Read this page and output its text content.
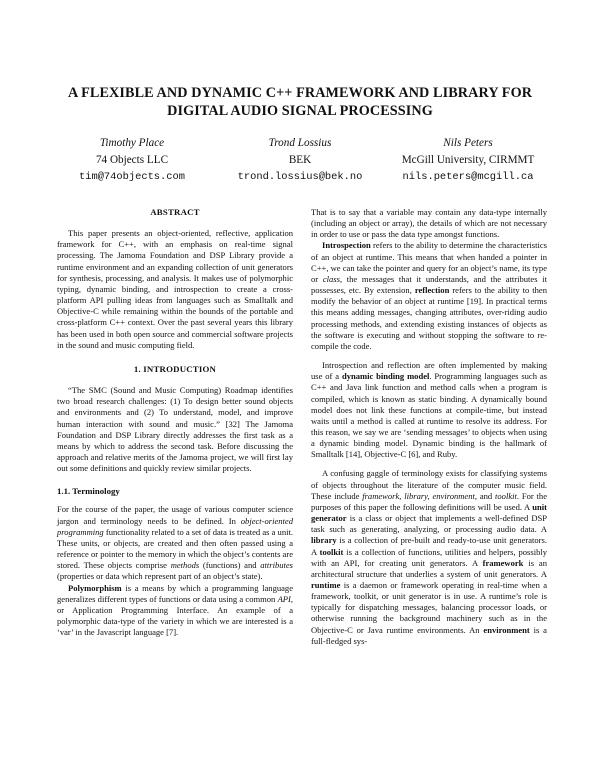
A FLEXIBLE AND DYNAMIC C++ FRAMEWORK AND LIBRARY FOR DIGITAL AUDIO SIGNAL PROCESSING
Timothy Place
74 Objects LLC
tim@74objects.com
Trond Lossius
BEK
trond.lossius@bek.no
Nils Peters
McGill University, CIRMMT
nils.peters@mcgill.ca
ABSTRACT

This paper presents an object-oriented, reflective, application framework for C++, with an emphasis on real-time signal processing. The Jamoma Foundation and DSP Library provide a runtime environment and an expanding collection of unit generators for synthesis, processing, and analysis. It makes use of polymorphic typing, dynamic binding, and introspection to create a cross-platform API pulling ideas from languages such as Smalltalk and Objective-C while remaining within the bounds of the portable and cross-platform C++ context. Over the past several years this library has been used in both open source and commercial software projects in the sound and music computing field.

1. INTRODUCTION

“The SMC (Sound and Music Computing) Roadmap identifies two broad research challenges: (1) To design better sound objects and environments and (2) To understand, model, and improve human interaction with sound and music.” [32] The Jamoma Foundation and DSP Library directly addresses the first task as a means by which to address the second task. Before discussing the approach and relative merits of the Jamoma project, we will first lay out some definitions and quickly review similar projects.

1.1. Terminology

For the course of the paper, the usage of various computer science jargon and terminology needs to be defined. In object-oriented programming functionality related to a set of data is treated as a unit. These units, or objects, are created and then often passed using a reference or pointer to the memory in which the object’s contents are stored. These objects comprise methods (functions) and attributes (properties or data which represent part of an object’s state).

Polymorphism is a means by which a programming language generalizes different types of functions or data using a common API, or Application Programming Interface. An example of a polymorphic data-type of the variety in which we are interested is a ‘var’ in the Javascript language [7].

That is to say that a variable may contain any data-type internally (including an object or array), the details of which are not necessary in order to use or pass the data type amongst functions.

Introspection refers to the ability to determine the characteristics of an object at runtime. This means that when handed a pointer in C++, we can take the pointer and query for an object’s name, its type or class, the messages that it understands, and the attributes it possesses, etc. By extension, reflection refers to the ability to then modify the behavior of an object at runtime [19]. In practical terms this means adding messages, changing attributes, over-riding audio processing methods, and extending existing instances of objects as the software is executing and without stopping the software to re-compile the code.

Introspection and reflection are often implemented by making use of a dynamic binding model. Programming languages such as C++ and Java link function and method calls when a program is compiled, which is known as static binding. A dynamically bound model does not link these functions at compile-time, but instead waits until a method is called at runtime to resolve its address. For this reason, we say we are ‘sending messages’ to objects when using a dynamic binding model. Dynamic binding is the hallmark of Smalltalk [14], Objective-C [6], and Ruby.

A confusing gaggle of terminology exists for classifying systems of objects throughout the literature of the computer music field. These include framework, library, environment, and toolkit. For the purposes of this paper the following definitions will be used. A unit generator is a class or object that implements a well-defined DSP task such as generating, analyzing, or processing audio data. A library is a collection of pre-built and ready-to-use unit generators. A toolkit is a collection of functions, utilities and helpers, possibly with an API, for creating unit generators. A framework is an architectural structure that underlies a system of unit generators. A runtime is a daemon or framework operating in real-time when a framework, toolkit, or unit generator is in use. A runtime’s role is typically for dispatching messages, balancing processor loads, or otherwise running the background machinery such as in the Objective-C or Java runtime environments. An environment is a full-fledged sys-
